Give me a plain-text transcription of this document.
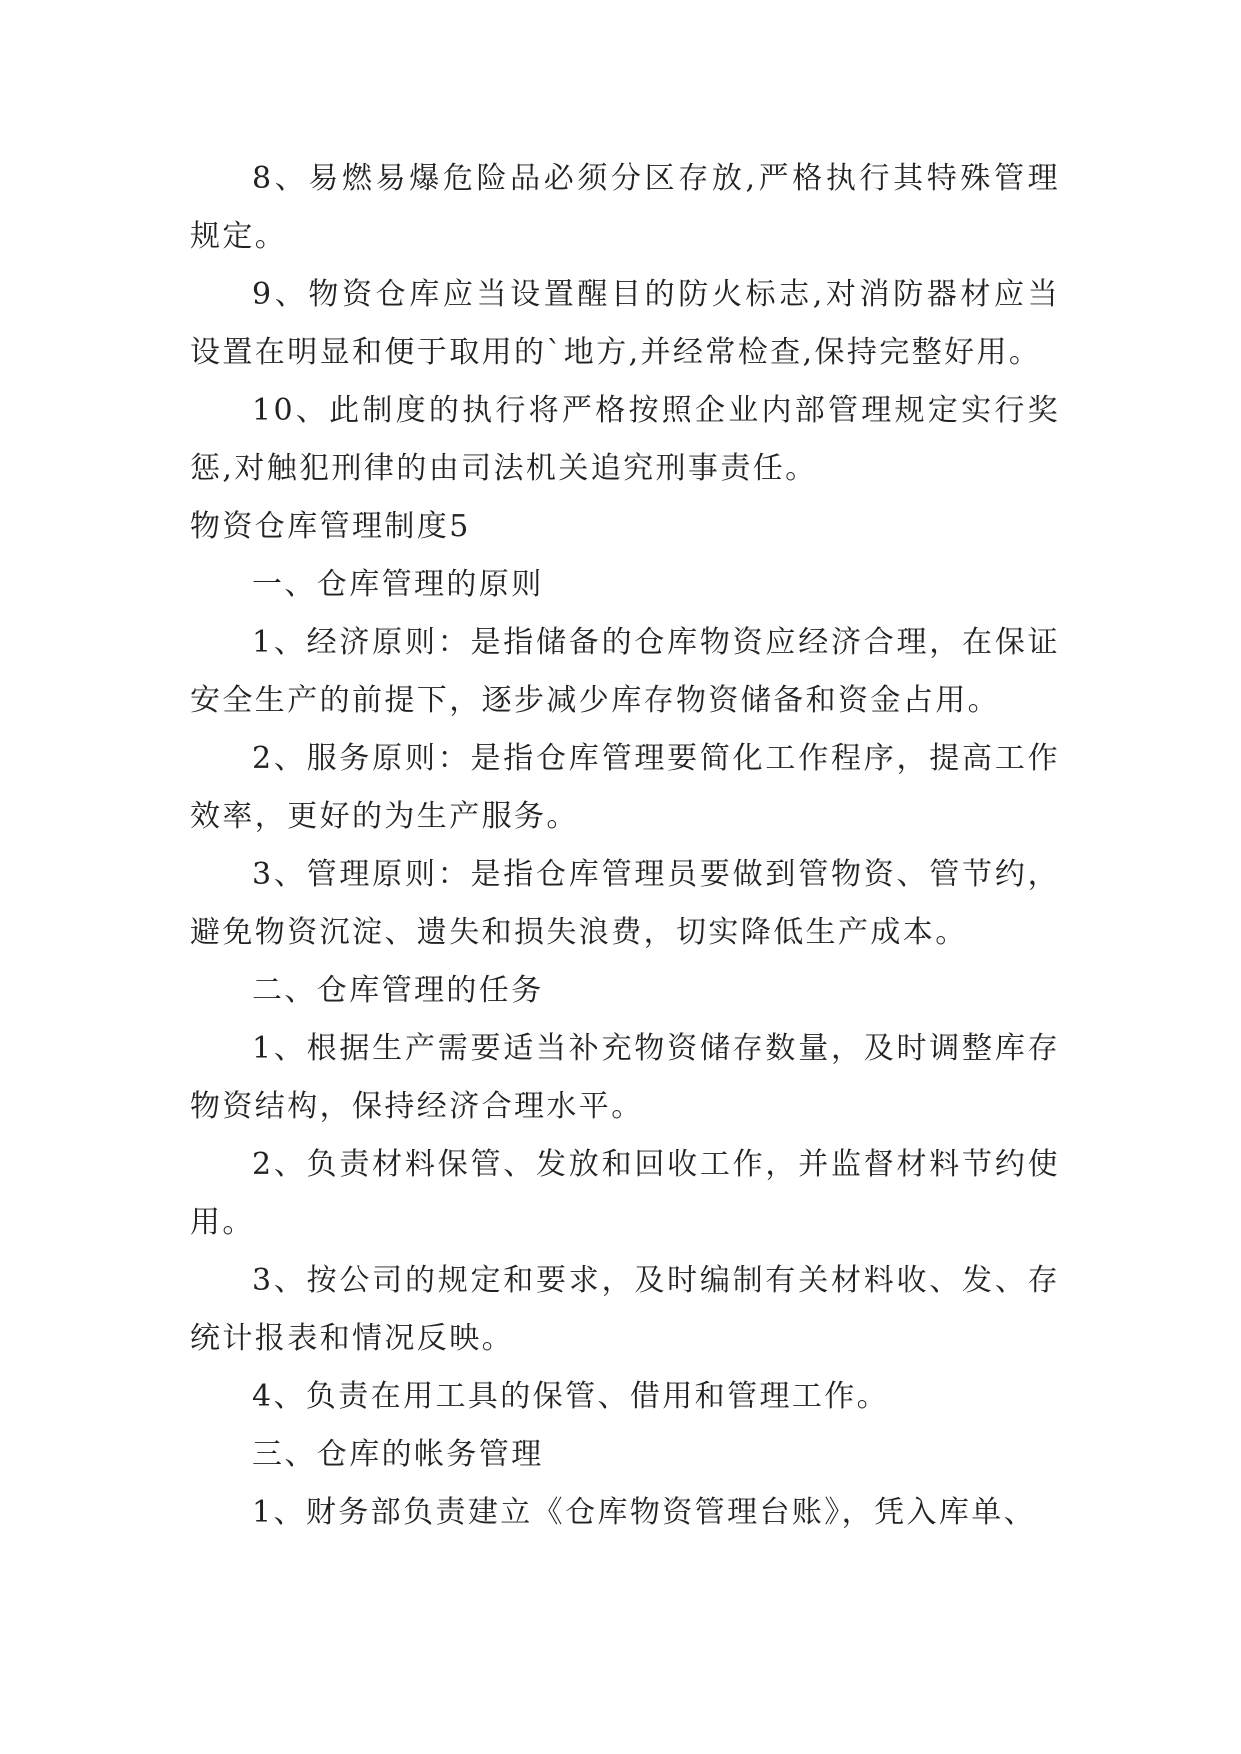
8、易燃易爆危险品必须分区存放,严格执行其特殊管理规定。

9、物资仓库应当设置醒目的防火标志,对消防器材应当设置在明显和便于取用的`地方,并经常检查,保持完整好用。

10、此制度的执行将严格按照企业内部管理规定实行奖惩,对触犯刑律的由司法机关追究刑事责任。

物资仓库管理制度5

一、仓库管理的原则

1、经济原则：是指储备的仓库物资应经济合理，在保证安全生产的前提下，逐步减少库存物资储备和资金占用。

2、服务原则：是指仓库管理要简化工作程序，提高工作效率，更好的为生产服务。

3、管理原则：是指仓库管理员要做到管物资、管节约，避免物资沉淀、遗失和损失浪费，切实降低生产成本。

二、仓库管理的任务

1、根据生产需要适当补充物资储存数量，及时调整库存物资结构，保持经济合理水平。

2、负责材料保管、发放和回收工作，并监督材料节约使用。

3、按公司的规定和要求，及时编制有关材料收、发、存统计报表和情况反映。

4、负责在用工具的保管、借用和管理工作。

三、仓库的帐务管理

1、财务部负责建立《仓库物资管理台账》，凭入库单、
